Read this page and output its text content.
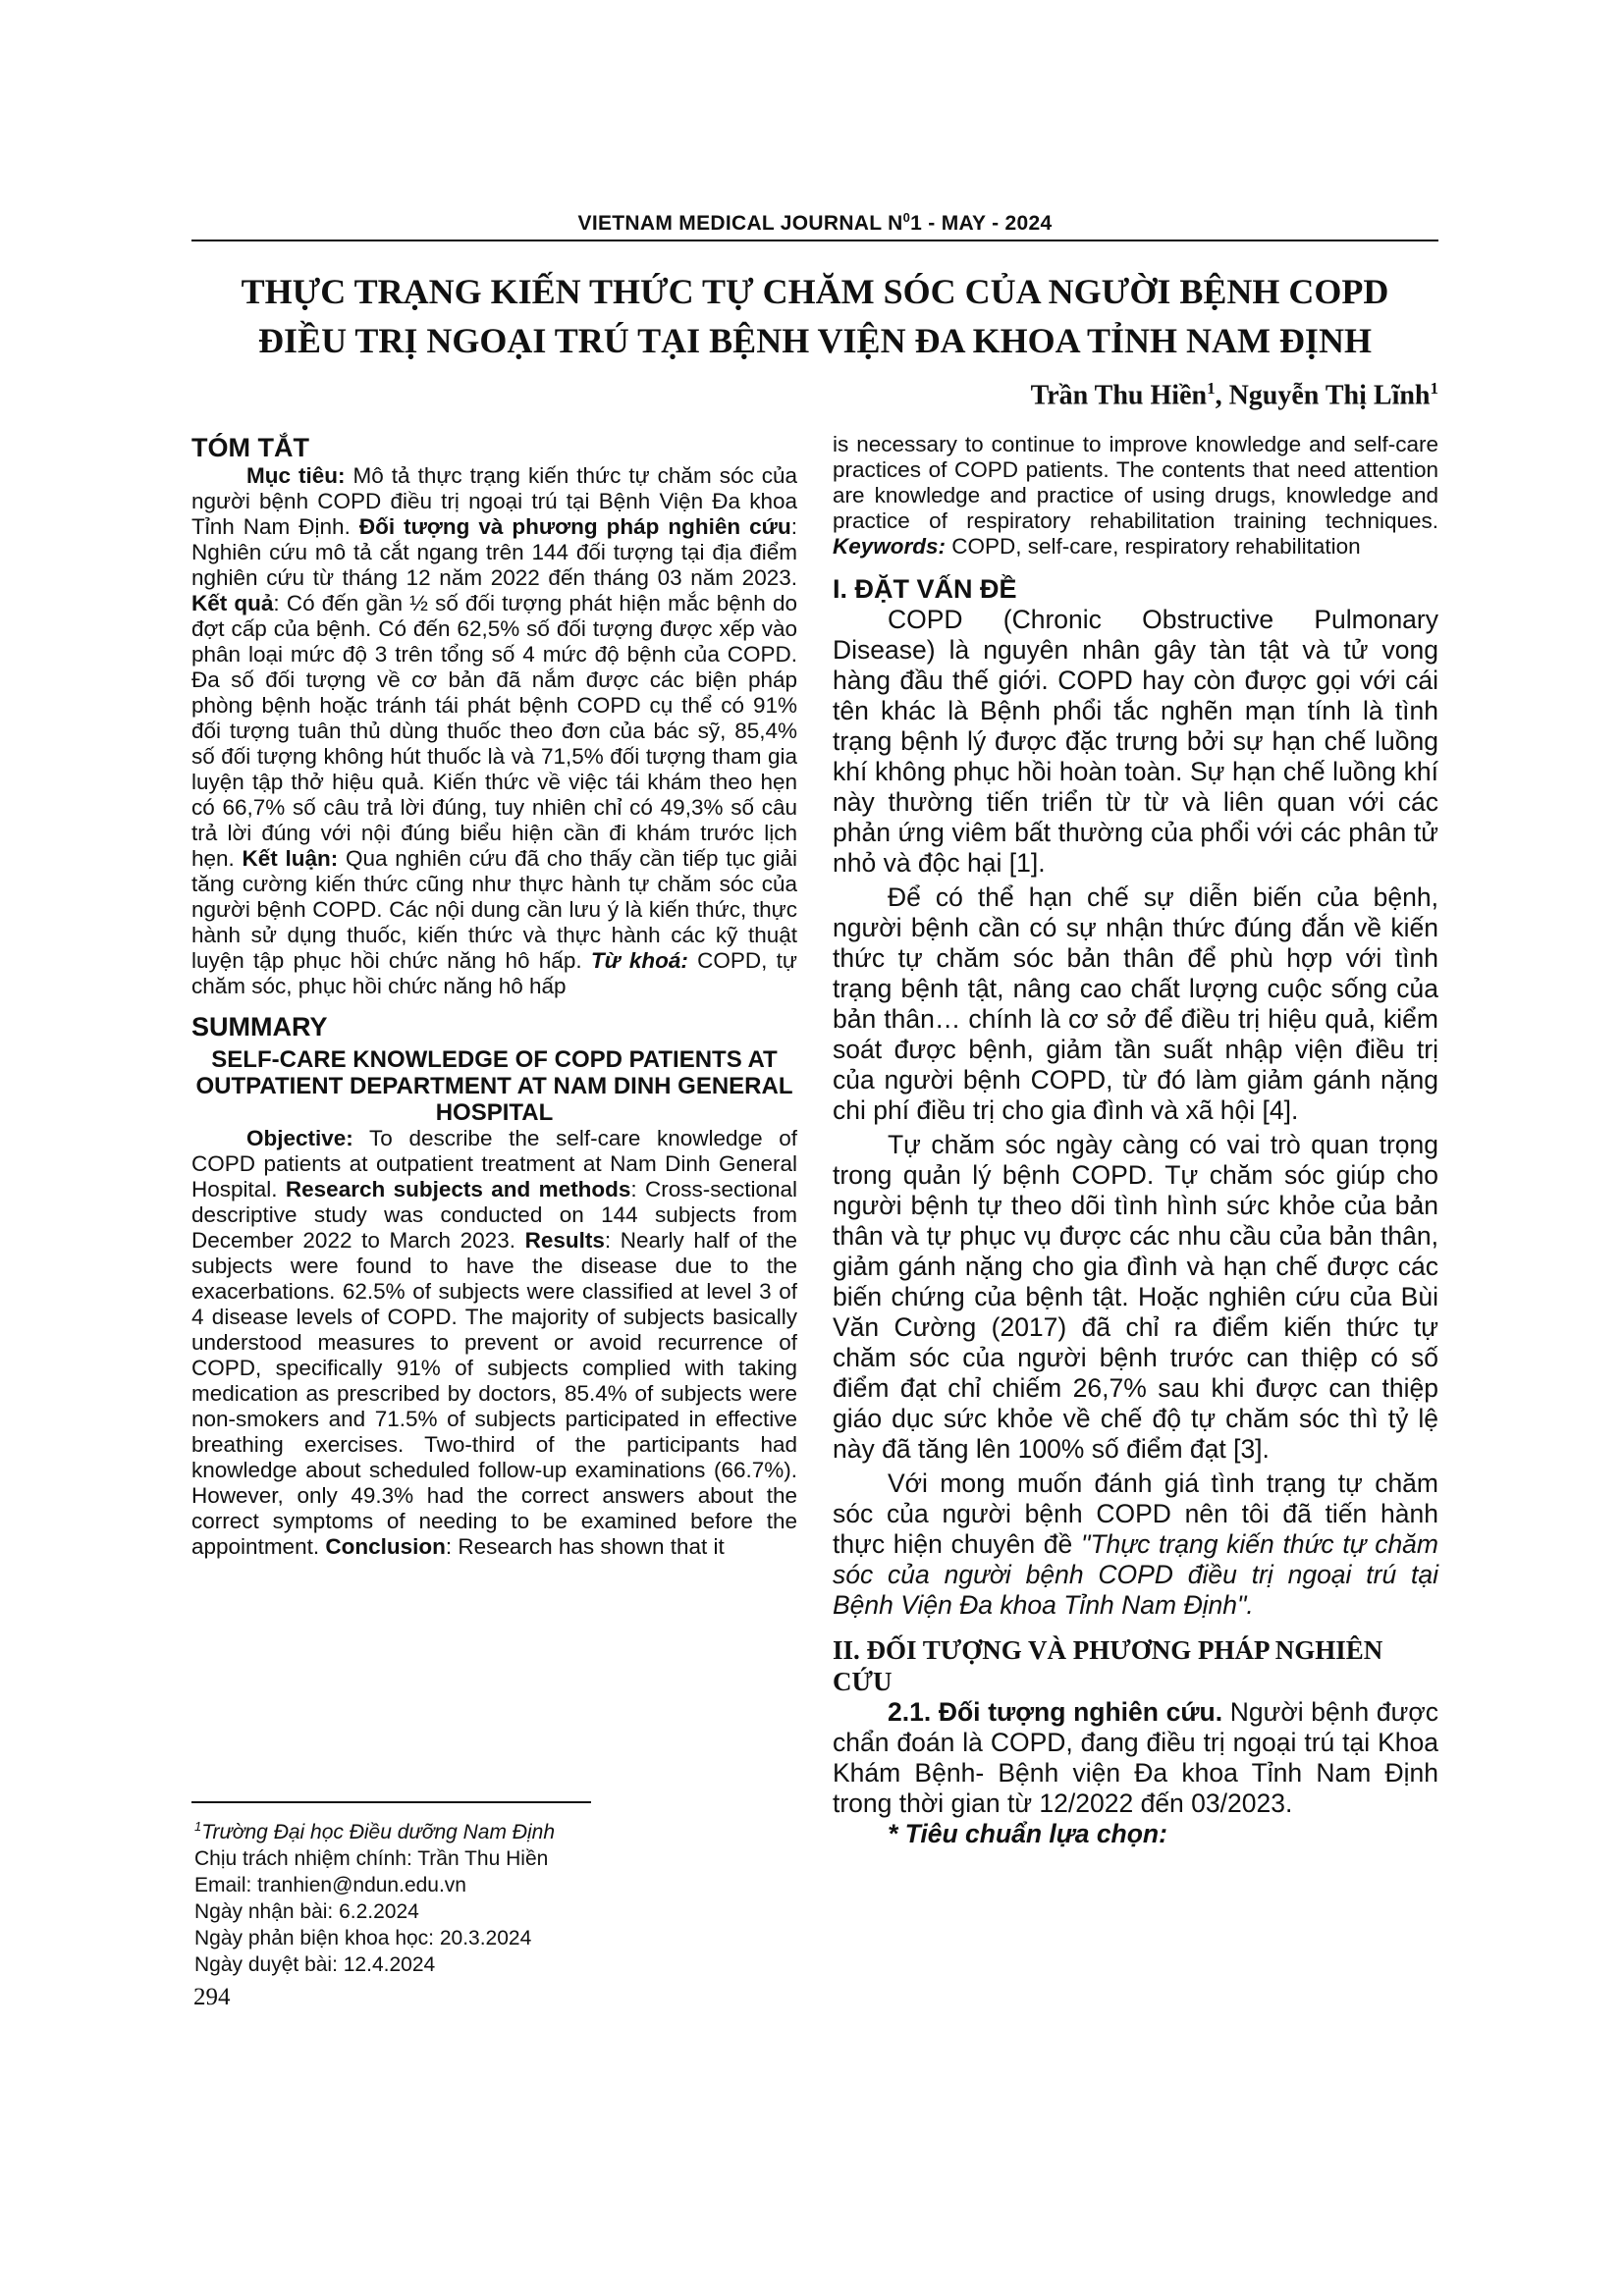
VIETNAM MEDICAL JOURNAL $N^01$ - MAY - 2024
THỰC TRẠNG KIẾN THỨC TỰ CHĂM SÓC CỦA NGƯỜI BỆNH COPD
ĐIỀU TRỊ NGOẠI TRÚ TẠI BỆNH VIỆN ĐA KHOA TỈNH NAM ĐỊNH
Trần Thu Hiền$^1$, Nguyễn Thị Lĩnh$^1$
TÓM TẮT

Mục tiêu: Mô tả thực trạng kiến thức tự chăm sóc của người bệnh COPD điều trị ngoại trú tại Bệnh Viện Đa khoa Tỉnh Nam Định. Đối tượng và phương pháp nghiên cứu: Nghiên cứu mô tả cắt ngang trên 144 đối tượng tại địa điểm nghiên cứu từ tháng 12 năm 2022 đến tháng 03 năm 2023. Kết quả: Có đến gần ½ số đối tượng phát hiện mắc bệnh do đợt cấp của bệnh. Có đến 62,5% số đối tượng được xếp vào phân loại mức độ 3 trên tổng số 4 mức độ bệnh của COPD. Đa số đối tượng về cơ bản đã nắm được các biện pháp phòng bệnh hoặc tránh tái phát bệnh COPD cụ thể có 91% đối tượng tuân thủ dùng thuốc theo đơn của bác sỹ, 85,4% số đối tượng không hút thuốc là và 71,5% đối tượng tham gia luyện tập thở hiệu quả. Kiến thức về việc tái khám theo hẹn có 66,7% số câu trả lời đúng, tuy nhiên chỉ có 49,3% số câu trả lời đúng với nội đúng biểu hiện cần đi khám trước lịch hẹn. Kết luận: Qua nghiên cứu đã cho thấy cần tiếp tục giải tăng cường kiến thức cũng như thực hành tự chăm sóc của người bệnh COPD. Các nội dung cần lưu ý là kiến thức, thực hành sử dụng thuốc, kiến thức và thực hành các kỹ thuật luyện tập phục hồi chức năng hô hấp. Từ khoá: COPD, tự chăm sóc, phục hồi chức năng hô hấp

SUMMARY
SELF-CARE KNOWLEDGE OF COPD PATIENTS AT OUTPATIENT DEPARTMENT AT NAM DINH GENERAL HOSPITAL

Objective: To describe the self-care knowledge of COPD patients at outpatient treatment at Nam Dinh General Hospital. Research subjects and methods: Cross-sectional descriptive study was conducted on 144 subjects from December 2022 to March 2023. Results: Nearly half of the subjects were found to have the disease due to the exacerbations. 62.5% of subjects were classified at level 3 of 4 disease levels of COPD. The majority of subjects basically understood measures to prevent or avoid recurrence of COPD, specifically 91% of subjects complied with taking medication as prescribed by doctors, 85.4% of subjects were non-smokers and 71.5% of subjects participated in effective breathing exercises. Two-third of the participants had knowledge about scheduled follow-up examinations (66.7%). However, only 49.3% had the correct answers about the correct symptoms of needing to be examined before the appointment. Conclusion: Research has shown that it

is necessary to continue to improve knowledge and self-care practices of COPD patients. The contents that need attention are knowledge and practice of using drugs, knowledge and practice of respiratory rehabilitation training techniques. Keywords: COPD, self-care, respiratory rehabilitation

I. ĐẶT VẤN ĐỀ

COPD (Chronic Obstructive Pulmonary Disease) là nguyên nhân gây tàn tật và tử vong hàng đầu thế giới. COPD hay còn được gọi với cái tên khác là Bệnh phổi tắc nghẽn mạn tính là tình trạng bệnh lý được đặc trưng bởi sự hạn chế luồng khí không phục hồi hoàn toàn. Sự hạn chế luồng khí này thường tiến triển từ từ và liên quan với các phản ứng viêm bất thường của phổi với các phân tử nhỏ và độc hại [1].

Để có thể hạn chế sự diễn biến của bệnh, người bệnh cần có sự nhận thức đúng đắn về kiến thức tự chăm sóc bản thân để phù hợp với tình trạng bệnh tật, nâng cao chất lượng cuộc sống của bản thân… chính là cơ sở để điều trị hiệu quả, kiểm soát được bệnh, giảm tần suất nhập viện điều trị của người bệnh COPD, từ đó làm giảm gánh nặng chi phí điều trị cho gia đình và xã hội [4].

Tự chăm sóc ngày càng có vai trò quan trọng trong quản lý bệnh COPD. Tự chăm sóc giúp cho người bệnh tự theo dõi tình hình sức khỏe của bản thân và tự phục vụ được các nhu cầu của bản thân, giảm gánh nặng cho gia đình và hạn chế được các biến chứng của bệnh tật. Hoặc nghiên cứu của Bùi Văn Cường (2017) đã chỉ ra điểm kiến thức tự chăm sóc của người bệnh trước can thiệp có số điểm đạt chỉ chiếm 26,7% sau khi được can thiệp giáo dục sức khỏe về chế độ tự chăm sóc thì tỷ lệ này đã tăng lên 100% số điểm đạt [3].

Với mong muốn đánh giá tình trạng tự chăm sóc của người bệnh COPD nên tôi đã tiến hành thực hiện chuyên đề "Thực trạng kiến thức tự chăm sóc của người bệnh COPD điều trị ngoại trú tại Bệnh Viện Đa khoa Tỉnh Nam Định".

II. ĐỐI TƯỢNG VÀ PHƯƠNG PHÁP NGHIÊN CỨU

2.1. Đối tượng nghiên cứu. Người bệnh được chẩn đoán là COPD, đang điều trị ngoại trú tại Khoa Khám Bệnh- Bệnh viện Đa khoa Tỉnh Nam Định trong thời gian từ 12/2022 đến 03/2023.

* Tiêu chuẩn lựa chọn:

$^1$Trường Đại học Điều dưỡng Nam Định
Chịu trách nhiệm chính: Trần Thu Hiền
Email: tranhien@ndun.edu.vn
Ngày nhận bài: 6.2.2024
Ngày phản biện khoa học: 20.3.2024
Ngày duyệt bài: 12.4.2024
294
